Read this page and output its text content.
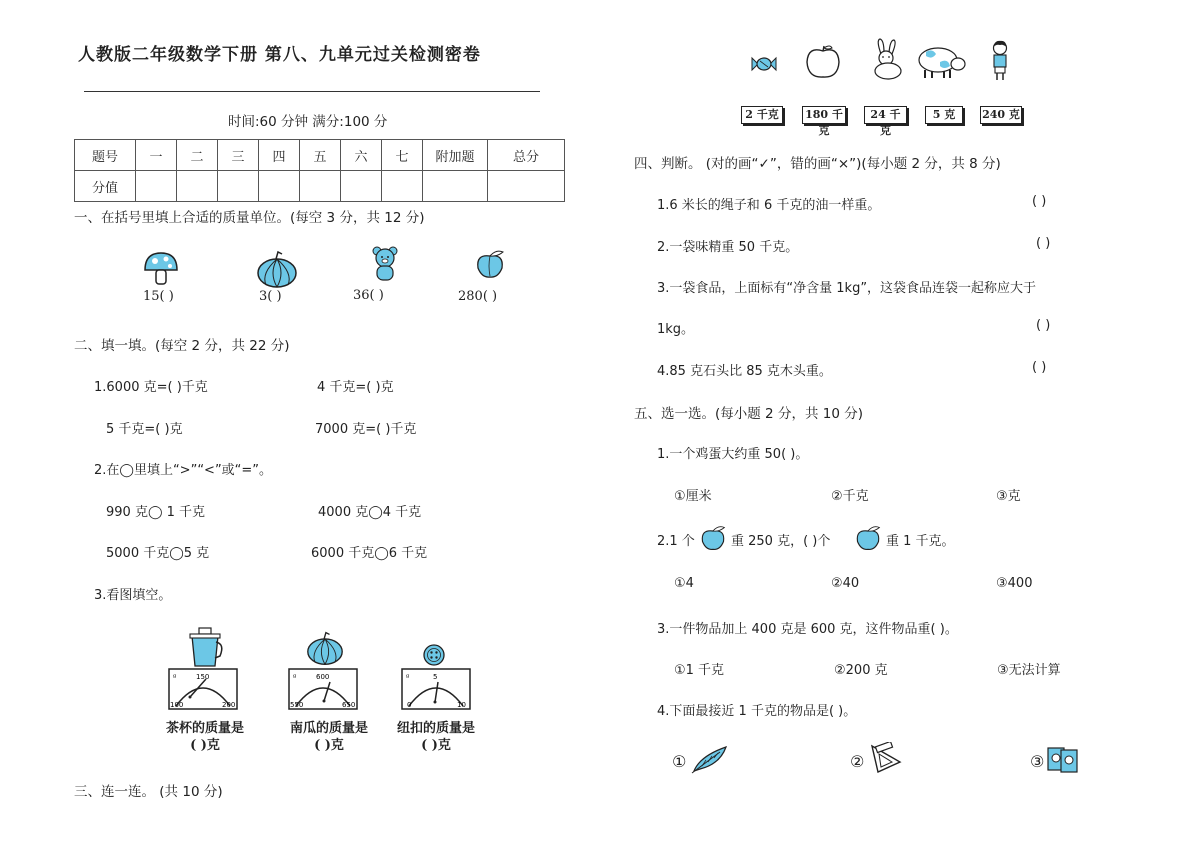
人教版二年级数学下册 第八、九单元过关检测密卷
时间:60 分钟 满分:100 分
题号	一	二	三	四	五	六	七	附加题	总分
分值									
一、在括号里填上合适的质量单位。(每空 3 分，共 12 分)
15( )	3( )	36( )	280( )
二、填一填。(每空 2 分，共 22 分)
1.6000 克=( )千克	4 千克=( )克
5 千克=( )克	7000 克=( )千克
2.在◯里填上“>”“<”或“=”。
990 克◯ 1 千克	4000 克◯4 千克
5000 千克◯5 克	6000 千克◯6 千克
3.看图填空。
g	150
100	200
g	600
550	650
g	5
0	10
茶杯的质量是
( )克
南瓜的质量是
( )克
纽扣的质量是
( )克
三、连一连。 (共 10 分)
2 千克	180 千克
24 千克
5 克	240 克
四、判断。 (对的画“✓”，错的画“×”)(每小题 2 分，共 8 分)
1.6 米长的绳子和 6 千克的油一样重。	( )
2.一袋味精重 50 千克。	( )
3.一袋食品，上面标有“净含量 1kg”，这袋食品连袋一起称应大于
1kg。	( )
4.85 克石头比 85 克木头重。	( )
五、选一选。(每小题 2 分，共 10 分)
1.一个鸡蛋大约重 50( )。
①厘米	②千克	③克
2.1 个	重 250 克，( )个	重 1 千克。
①4	②40	③400
3.一件物品加上 400 克是 600 克，这件物品重( )。
①1 千克	②200 克	③无法计算
4.下面最接近 1 千克的物品是( )。
①	②	③
